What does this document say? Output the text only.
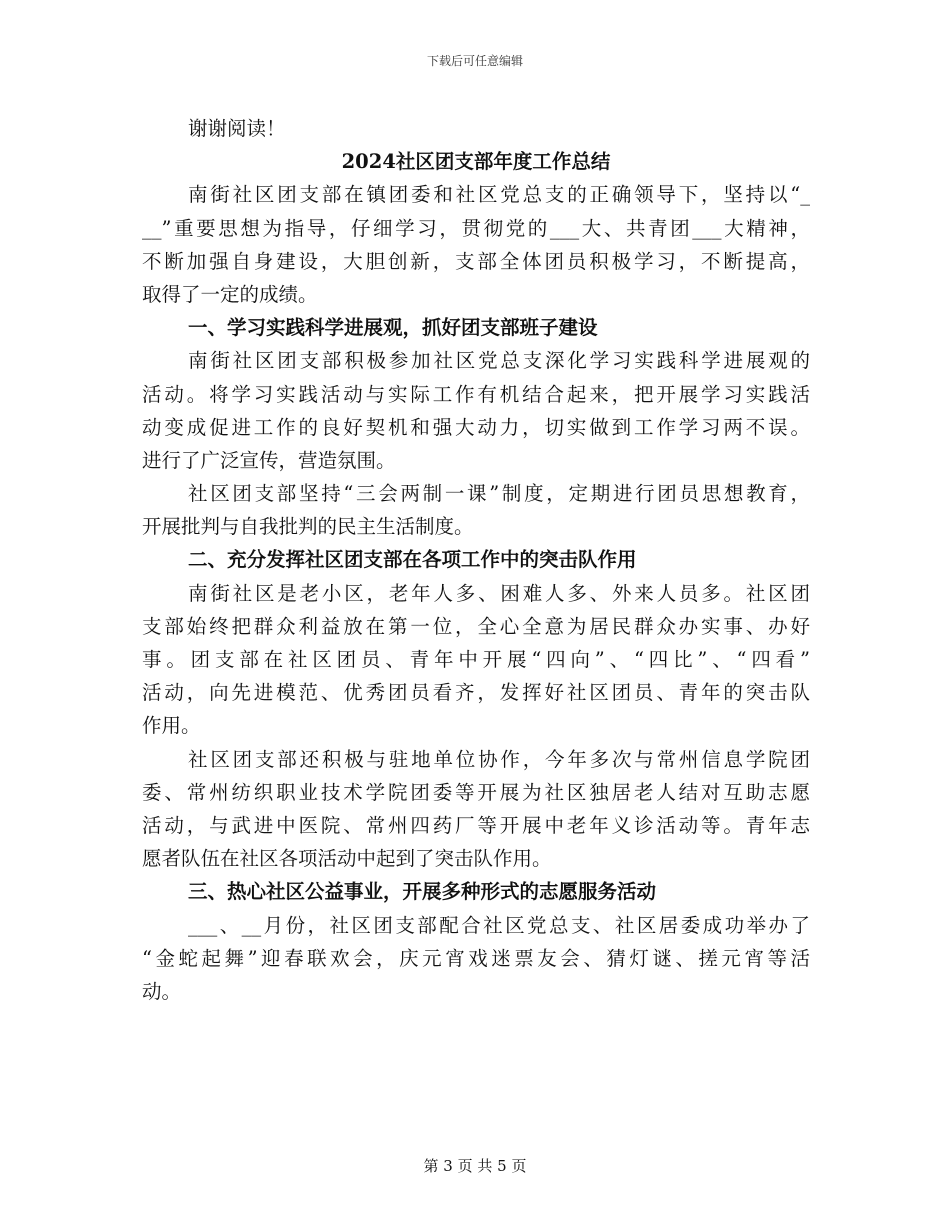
下载后可任意编辑
谢谢阅读！
2024社区团支部年度工作总结
南街社区团支部在镇团委和社区党总支的正确领导下，坚持以“_
__”重要思想为指导，仔细学习，贯彻党的___大、共青团___大精神，
不断加强自身建设，大胆创新，支部全体团员积极学习，不断提高，
取得了一定的成绩。
一、学习实践科学进展观，抓好团支部班子建设
南街社区团支部积极参加社区党总支深化学习实践科学进展观的
活动。将学习实践活动与实际工作有机结合起来，把开展学习实践活
动变成促进工作的良好契机和强大动力，切实做到工作学习两不误。
进行了广泛宣传，营造氛围。
社区团支部坚持“三会两制一课”制度，定期进行团员思想教育，
开展批判与自我批判的民主生活制度。
二、充分发挥社区团支部在各项工作中的突击队作用
南街社区是老小区，老年人多、困难人多、外来人员多。社区团
支部始终把群众利益放在第一位，全心全意为居民群众办实事、办好
事。团支部在社区团员、青年中开展“四向”、“四比”、“四看”
活动，向先进模范、优秀团员看齐，发挥好社区团员、青年的突击队
作用。
社区团支部还积极与驻地单位协作，今年多次与常州信息学院团
委、常州纺织职业技术学院团委等开展为社区独居老人结对互助志愿
活动，与武进中医院、常州四药厂等开展中老年义诊活动等。青年志
愿者队伍在社区各项活动中起到了突击队作用。
三、热心社区公益事业，开展多种形式的志愿服务活动
___、__月份，社区团支部配合社区党总支、社区居委成功举办了
“金蛇起舞”迎春联欢会，庆元宵戏迷票友会、猜灯谜、搓元宵等活
动。
第 3 页 共 5 页
